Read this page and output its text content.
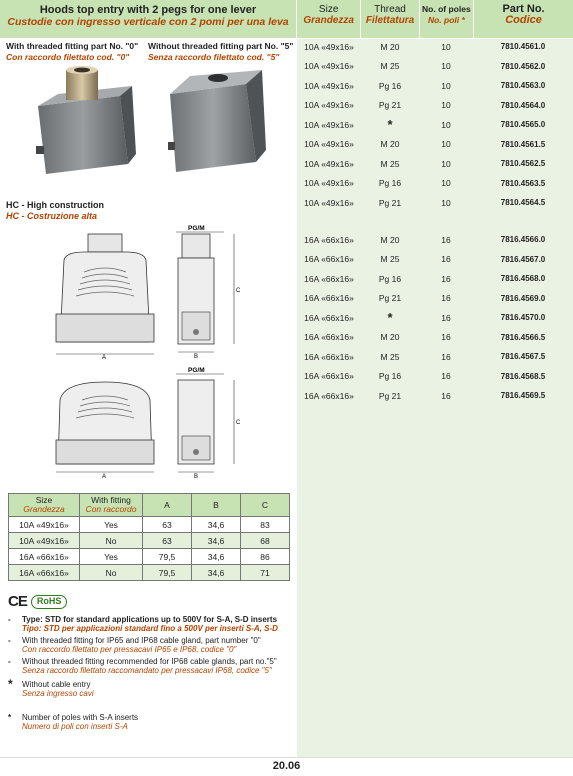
Hoods top entry with 2 pegs for one lever
Custodie con ingresso verticale con 2 pomi per una leva
With threaded fitting part No. "0"
Con raccordo filettato cod. "0"
Without threaded fitting part No. "5"
Senza raccordo filettato cod. "5"
HC - High construction
HC - Costruzione alta
A
PG/M
C
B
A
PG/M
C
B
Size
Grandezza	With fitting
Con raccordo	A	B	C
10A «49x16»	Yes	63	34,6	83
10A «49x16»	No	63	34,6	68
16A «66x16»	Yes	79,5	34,6	86
16A «66x16»	No	79,5	34,6	71
CE	RoHS
-	Type: STD for standard applications up to 500V for S-A, S-D inserts
Tipo: STD per applicazioni standard fino a 500V per inserti S-A, S-D
-	With threaded fitting for IP65 and IP68 cable gland, part number "0"
Con raccordo filettato per pressacavi IP65 e IP68, codice "0"
-	Without threaded fitting recommended for IP68 cable glands, part no."5"
Senza raccordo filettato raccomandato per pressacavi IP68, codice "5"
*	Without cable entry
Senza ingresso cavi
*	Number of poles with S-A inserts
Numero di poli con inserti S-A
Size
Grandezza
Thread
Filettatura
No. of poles
No. poli *
Part No.
Codice
10A «49x16»	M 20	10	7810.4561.0
10A «49x16»	M 25	10	7810.4562.0
10A «49x16»	Pg 16	10	7810.4563.0
10A «49x16»	Pg 21	10	7810.4564.0
10A «49x16»	*	10	7810.4565.0
10A «49x16»	M 20	10	7810.4561.5
10A «49x16»	M 25	10	7810.4562.5
10A «49x16»	Pg 16	10	7810.4563.5
10A «49x16»	Pg 21	10	7810.4564.5
16A «66x16»	M 20	16	7816.4566.0
16A «66x16»	M 25	16	7816.4567.0
16A «66x16»	Pg 16	16	7816.4568.0
16A «66x16»	Pg 21	16	7816.4569.0
16A «66x16»	*	16	7816.4570.0
16A «66x16»	M 20	16	7816.4566.5
16A «66x16»	M 25	16	7816.4567.5
16A «66x16»	Pg 16	16	7816.4568.5
16A «66x16»	Pg 21	16	7816.4569.5
20.06
